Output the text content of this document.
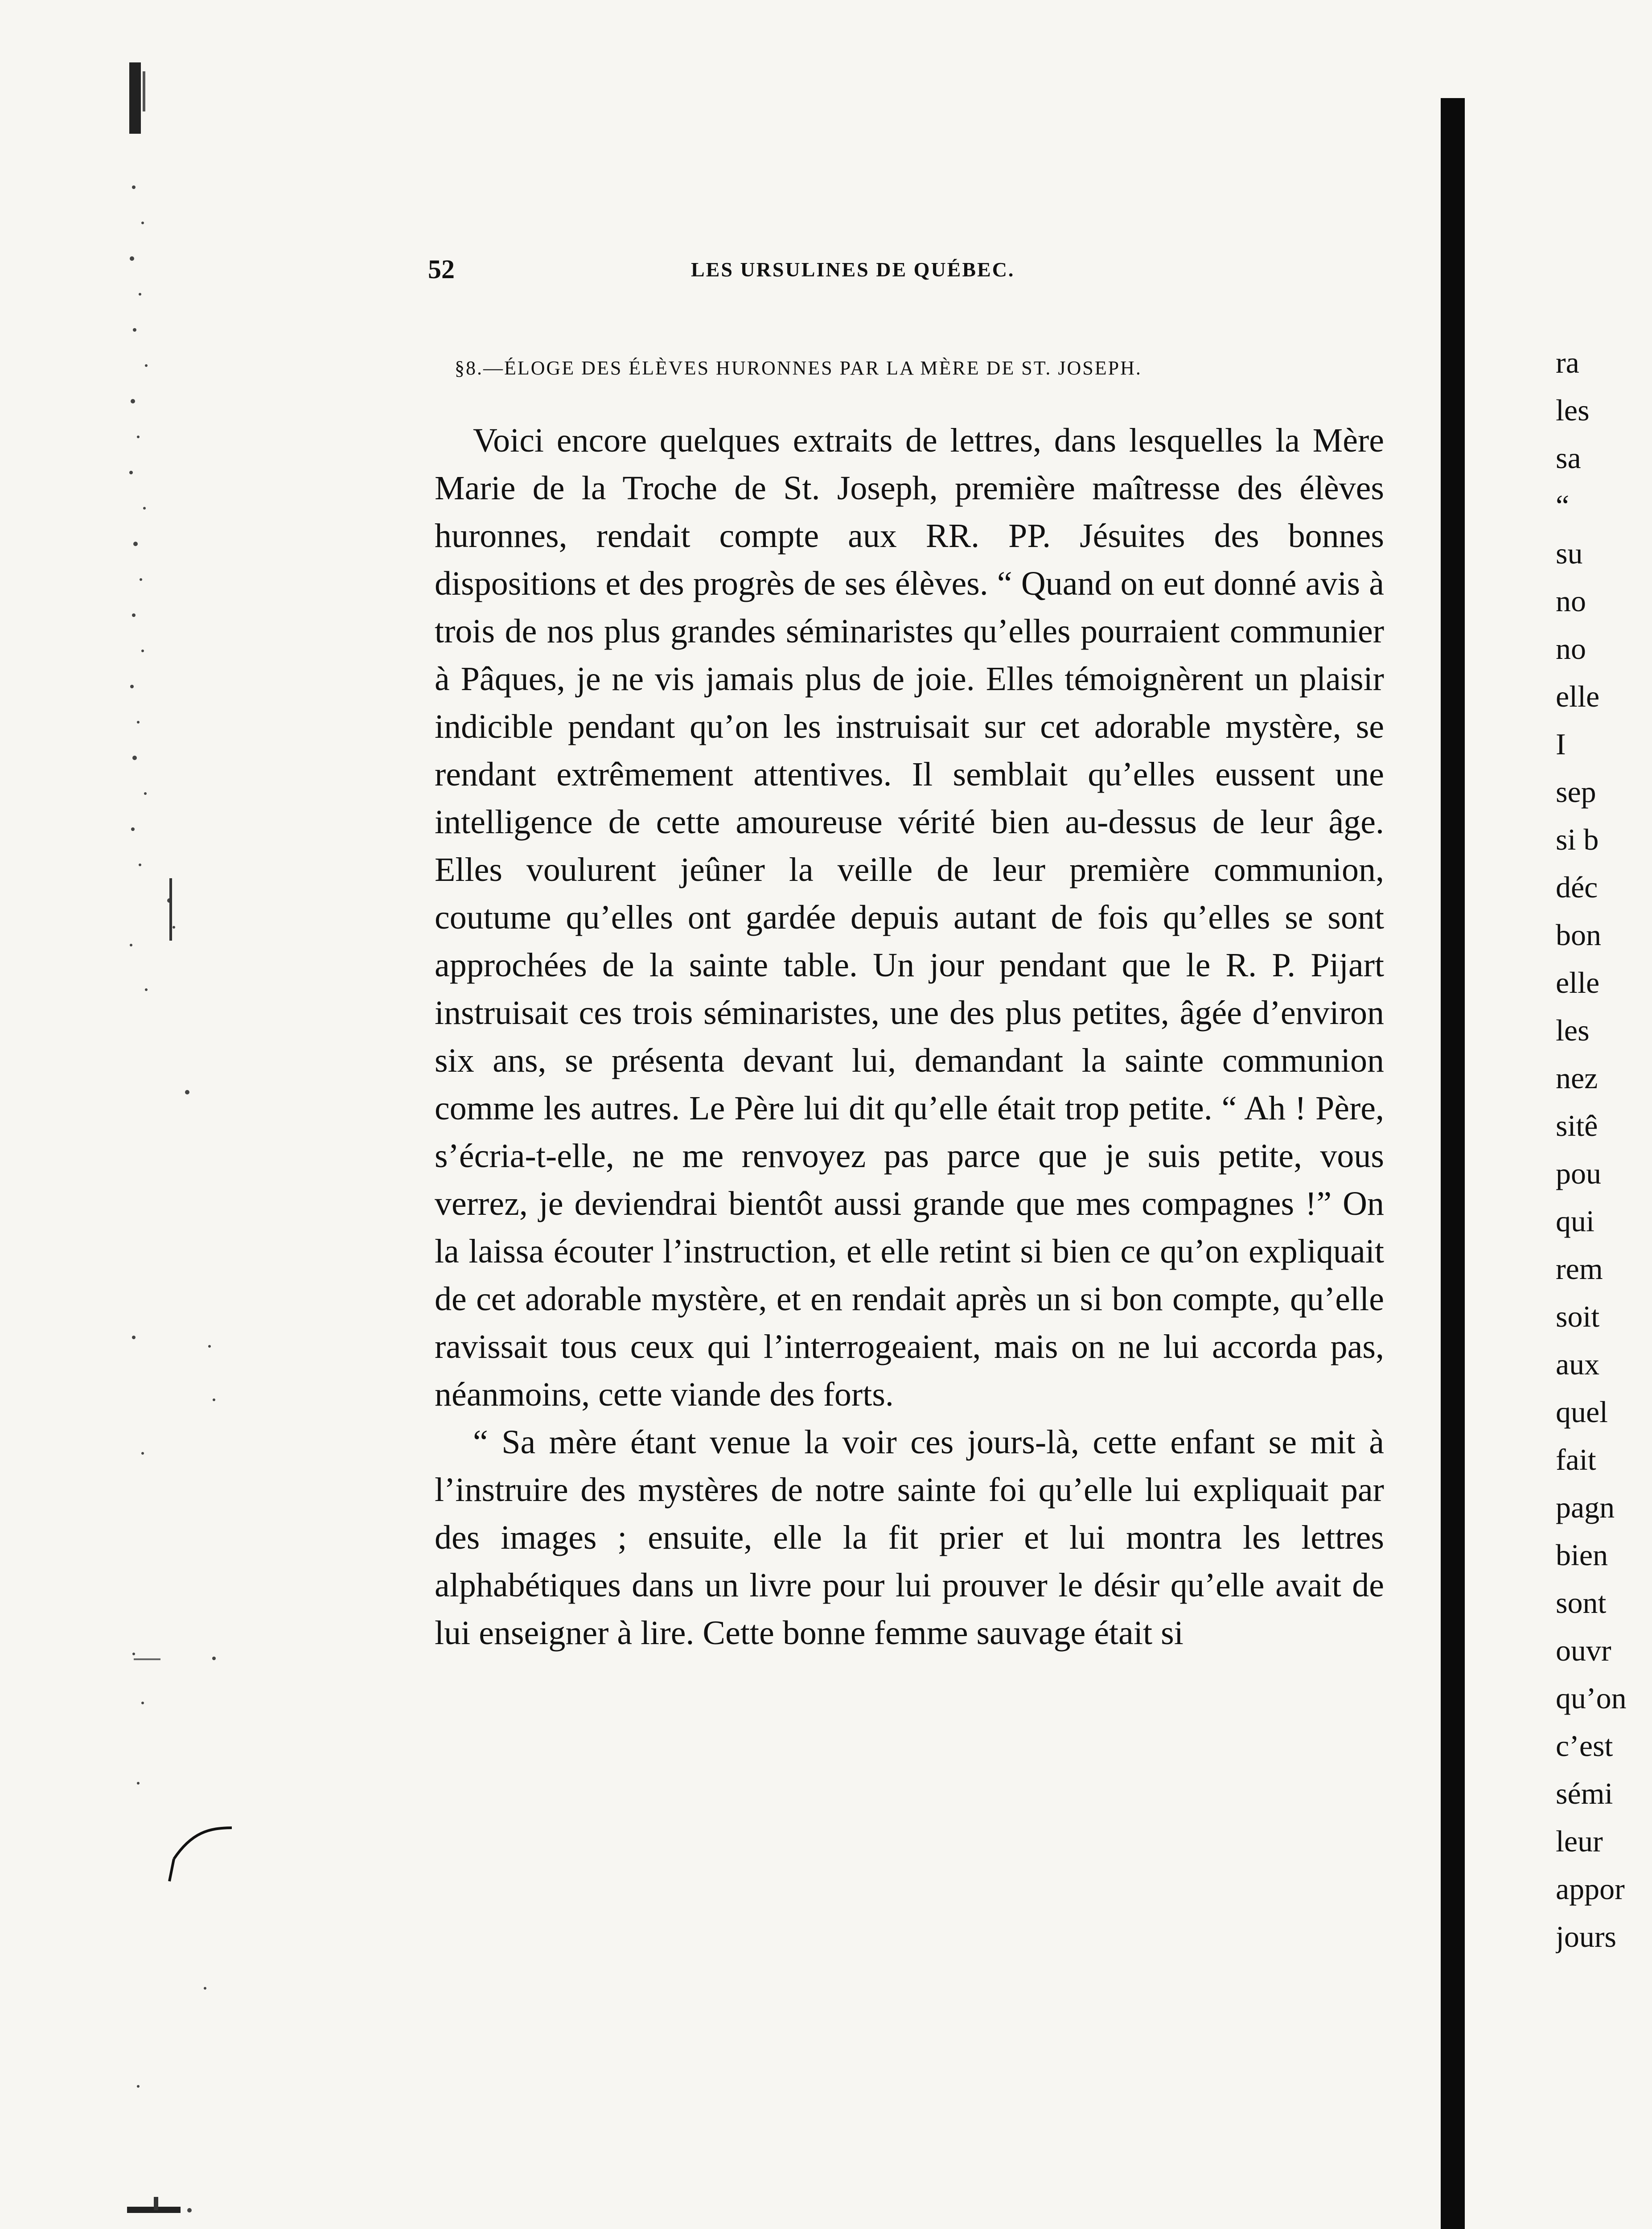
52	LES URSULINES DE QUÉBEC.
§8.—ÉLOGE DES ÉLÈVES HURONNES PAR LA MÈRE DE ST. JOSEPH.

Voici encore quelques extraits de lettres, dans lesquelles la Mère Marie de la Troche de St. Joseph, première maîtresse des élèves huronnes, rendait compte aux RR. PP. Jésuites des bonnes dispositions et des progrès de ses élèves. “ Quand on eut donné avis à trois de nos plus grandes séminaristes qu’elles pourraient communier à Pâques, je ne vis jamais plus de joie. Elles témoignèrent un plaisir indicible pendant qu’on les instruisait sur cet adorable mystère, se rendant extrêmement attentives. Il semblait qu’elles eussent une intelligence de cette amoureuse vérité bien au-dessus de leur âge. Elles voulurent jeûner la veille de leur première communion, coutume qu’elles ont gardée depuis autant de fois qu’elles se sont approchées de la sainte table. Un jour pendant que le R. P. Pijart instruisait ces trois séminaristes, une des plus petites, âgée d’environ six ans, se présenta devant lui, demandant la sainte communion comme les autres. Le Père lui dit qu’elle était trop petite. “ Ah ! Père, s’écria-t-elle, ne me renvoyez pas parce que je suis petite, vous verrez, je deviendrai bientôt aussi grande que mes compagnes !” On la laissa écouter l’instruction, et elle retint si bien ce qu’on expliquait de cet adorable mystère, et en rendait après un si bon compte, qu’elle ravissait tous ceux qui l’interrogeaient, mais on ne lui accorda pas, néanmoins, cette viande des forts.

“ Sa mère étant venue la voir ces jours-là, cette enfant se mit à l’instruire des mystères de notre sainte foi qu’elle lui expliquait par des images ; ensuite, elle la fit prier et lui montra les lettres alphabétiques dans un livre pour lui prouver le désir qu’elle avait de lui enseigner à lire. Cette bonne femme sauvage était si

ra
les
sa
“
su
no
no
elle
I
sep
si b
déc
bon
elle
les
nez
sitê
pou
qui
rem
soit
aux
quel
fait
pagn
bien
sont
ouvr
qu’on
c’est
sémi
leur
appor
jours
